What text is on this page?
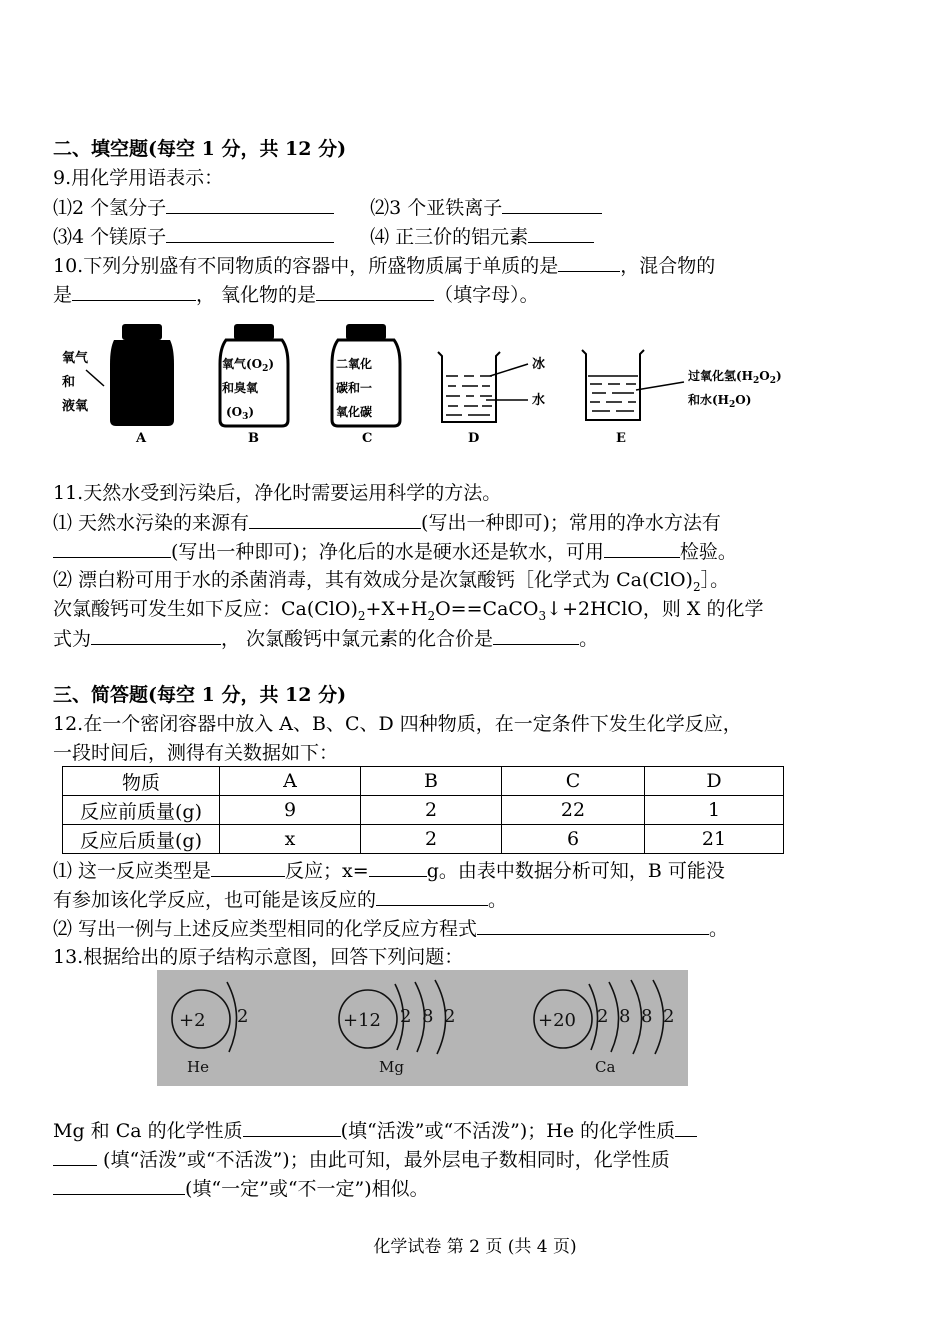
二、填空题(每空 1 分，共 12 分)
9.用化学用语表示：
⑴2 个氢分子	⑵3 个亚铁离子
⑶4 个镁原子	⑷ 正三价的铝元素
10.下列分别盛有不同物质的容器中，所盛物质属于单质的是	，混合物的
是	， 氧化物的是	（填字母）。
氧气
和
液氧
A
氧气$(O_2)$
和臭氧
$(O_3)$
B
二氧化
碳和一
氧化碳
C
冰
水
D
过氧化氢$(H_2O_2)$
和水$(H_2O)$
E
11.天然水受到污染后，净化时需要运用科学的方法。
⑴ 天然水污染的来源有	(写出一种即可)；常用的净水方法有
(写出一种即可)；净化后的水是硬水还是软水，可用	检验。
⑵ 漂白粉可用于水的杀菌消毒，其有效成分是次氯酸钙［化学式为 $Ca(ClO)_2]$。
次氯酸钙可发生如下反应：$Ca(ClO)_2+X+H_2O==CaCO_3↓+2HClO$，则 X 的化学
式为	， 次氯酸钙中氯元素的化合价是	。
三、简答题(每空 1 分，共 12 分)
12.在一个密闭容器中放入 A、B、C、D 四种物质，在一定条件下发生化学反应，
一段时间后，测得有关数据如下：
物质	A	B	C	D
反应前质量(g)	9	2	22	1
反应后质量(g)	x	2	6	21
⑴ 这一反应类型是	反应；x=	g。由表中数据分析可知，B 可能没
有参加该化学反应，也可能是该反应的	。
⑵ 写出一例与上述反应类型相同的化学反应方程式	。
13.根据给出的原子结构示意图，回答下列问题：
+2 2	+12 2 8 2	+20 2 8 8 2
He	Mg	Ca
Mg 和 Ca 的化学性质	(填“活泼”或“不活泼”)；He 的化学性质
(填“活泼”或“不活泼”)；由此可知，最外层电子数相同时，化学性质
(填“一定”或“不一定”)相似。
化学试卷 第 2 页 (共 4 页)
